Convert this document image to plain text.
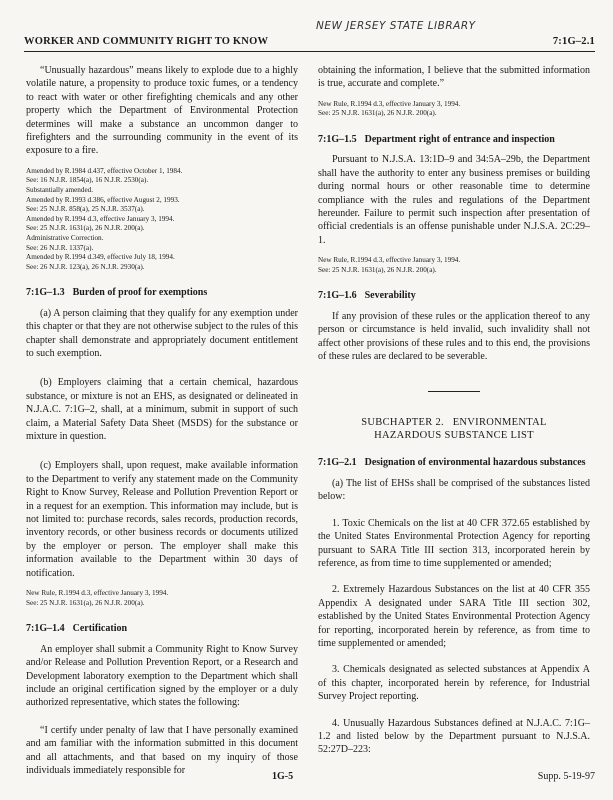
NEW JERSEY STATE LIBRARY
WORKER AND COMMUNITY RIGHT TO KNOW	7:1G–2.1

“Unusually hazardous” means likely to explode due to a highly volatile nature, a propensity to produce toxic fumes, or a tendency to react with water or other firefighting chemicals and any other property which the Department of Environmental Protection determines will make a substance an uncommon danger to firefighters and the surrounding community in the event of its exposure to a fire.

Amended by R.1984 d.437, effective October 1, 1984.
See: 16 N.J.R. 1854(a), 16 N.J.R. 2530(a).
Substantially amended.
Amended by R.1993 d.386, effective August 2, 1993.
See: 25 N.J.R. 858(a), 25 N.J.R. 3537(a).
Amended by R.1994 d.3, effective January 3, 1994.
See: 25 N.J.R. 1631(a), 26 N.J.R. 200(a).
Administrative Correction.
See: 26 N.J.R. 1337(a).
Amended by R.1994 d.349, effective July 18, 1994.
See: 26 N.J.R. 123(a), 26 N.J.R. 2930(a).
7:1G–1.3 Burden of proof for exemptions

(a) A person claiming that they qualify for any exemption under this chapter or that they are not otherwise subject to the rules of this chapter shall demonstrate and appropriately document entitlement to such exemption.

(b) Employers claiming that a certain chemical, hazardous substance, or mixture is not an EHS, as designated or delineated in N.J.A.C. 7:1G–2, shall, at a minimum, submit in support of such claim, a Material Safety Data Sheet (MSDS) for the substance or mixture in question.

(c) Employers shall, upon request, make available information to the Department to verify any statement made on the Community Right to Know Survey, Release and Pollution Prevention Report or in a request for an exemption. This information may include, but is not limited to: purchase records, sales records, production records, inventory records, or other business records or documents utilized by the employer or person. The employer shall make this information available to the Department within 30 days of notification.

New Rule, R.1994 d.3, effective January 3, 1994.
See: 25 N.J.R. 1631(a), 26 N.J.R. 200(a).
7:1G–1.4 Certification

An employer shall submit a Community Right to Know Survey and/or Release and Pollution Prevention Report, or a Research and Development laboratory exemption to the Department which shall include an original certification signed by the employer or a duly authorized representative, which states the following:

“I certify under penalty of law that I have personally examined and am familiar with the information submitted in this document and all attachments, and that based on my inquiry of those individuals immediately responsible for

obtaining the information, I believe that the submitted information is true, accurate and complete.”

New Rule, R.1994 d.3, effective January 3, 1994.
See: 25 N.J.R. 1631(a), 26 N.J.R. 200(a).
7:1G–1.5 Department right of entrance and inspection

Pursuant to N.J.S.A. 13:1D–9 and 34:5A–29b, the Department shall have the authority to enter any business premises or building during normal hours or other reasonable time to determine compliance with the rules and regulations of the Department hereunder. Failure to permit such inspection after presentation of official credentials is an offense punishable under N.J.S.A. 2C:29–1.

New Rule, R.1994 d.3, effective January 3, 1994.
See: 25 N.J.R. 1631(a), 26 N.J.R. 200(a).
7:1G–1.6 Severability

If any provision of these rules or the application thereof to any person or circumstance is held invalid, such invalidity shall not affect other provisions of these rules and to this end, the provisions of these rules are declared to be severable.

SUBCHAPTER 2.   ENVIRONMENTAL
HAZARDOUS SUBSTANCE LIST
7:1G–2.1 Designation of environmental hazardous substances

(a) The list of EHSs shall be comprised of the substances listed below:

1. Toxic Chemicals on the list at 40 CFR 372.65 established by the United States Environmental Protection Agency for reporting pursuant to SARA Title III section 313, incorporated herein by reference, as from time to time supplemented or amended;

2. Extremely Hazardous Substances on the list at 40 CFR 355 Appendix A designated under SARA Title III section 302, established by the United States Environmental Protection Agency for reporting, incorporated herein by reference, as from time to time supplemented or amended;

3. Chemicals designated as selected substances at Appendix A of this chapter, incorporated herein by reference, for Industrial Survey Project reporting.

4. Unusually Hazardous Substances defined at N.J.A.C. 7:1G–1.2 and listed below by the Department pursuant to N.J.S.A. 52:27D–223:

1G-5	Supp. 5-19-97
